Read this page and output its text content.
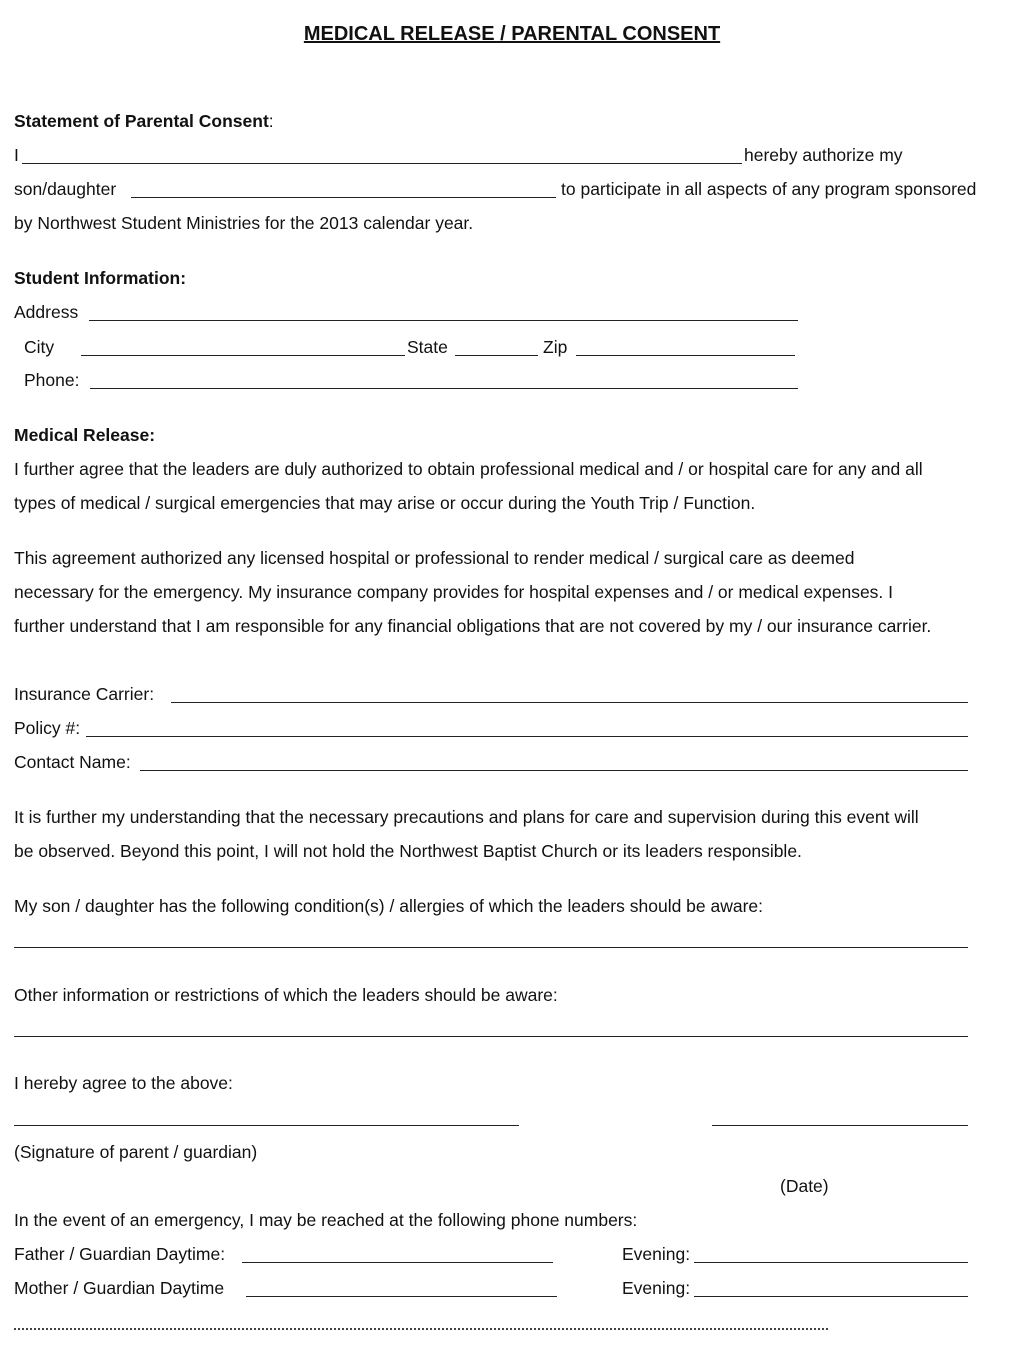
MEDICAL RELEASE / PARENTAL CONSENT
Statement of Parental Consent:
I	hereby authorize my
son/daughter	to participate in all aspects of any program sponsored
by Northwest Student Ministries for the 2013 calendar year.
Student Information:
Address
City	State	Zip
Phone:
Medical Release:
I further agree that the leaders are duly authorized to obtain professional medical and / or hospital care for any and all
types of medical / surgical emergencies that may arise or occur during the Youth Trip / Function.
This agreement authorized any licensed hospital or professional to render medical / surgical care as deemed
necessary for the emergency. My insurance company provides for hospital expenses and / or medical expenses. I
further understand that I am responsible for any financial obligations that are not covered by my / our insurance carrier.
Insurance Carrier:
Policy #:
Contact Name:
It is further my understanding that the necessary precautions and plans for care and supervision during this event will
be observed. Beyond this point, I will not hold the Northwest Baptist Church or its leaders responsible.
My son / daughter has the following condition(s) / allergies of which the leaders should be aware:
Other information or restrictions of which the leaders should be aware:
I hereby agree to the above:
(Signature of parent / guardian)
(Date)
In the event of an emergency, I may be reached at the following phone numbers:
Father / Guardian Daytime:	Evening:
Mother / Guardian Daytime	Evening:
